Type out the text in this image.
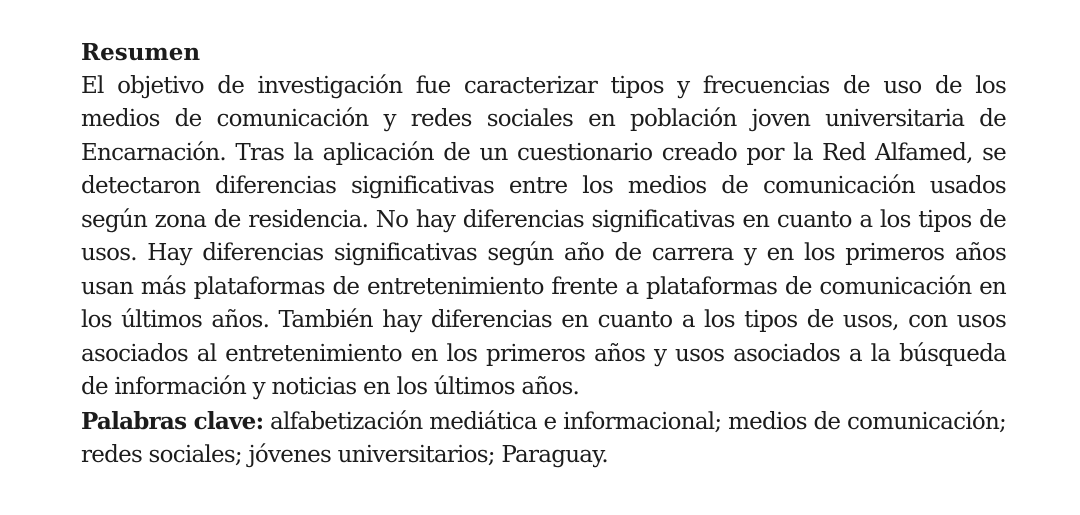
Resumen

El objetivo de investigación fue caracterizar tipos y frecuencias de uso de los medios de comunicación y redes sociales en población joven universitaria de Encarnación. Tras la aplicación de un cuestionario creado por la Red Alfamed, se detectaron diferencias significativas entre los medios de comunicación usados según zona de residencia. No hay diferencias significativas en cuanto a los tipos de usos. Hay diferencias significativas según año de carrera y en los primeros años usan más plataformas de entretenimiento frente a plataformas de comunicación en los últimos años. También hay diferencias en cuanto a los tipos de usos, con usos asociados al entretenimiento en los primeros años y usos asociados a la búsqueda de información y noticias en los últimos años.

Palabras clave: alfabetización mediática e informacional; medios de comunicación; redes sociales; jóvenes universitarios; Paraguay.
